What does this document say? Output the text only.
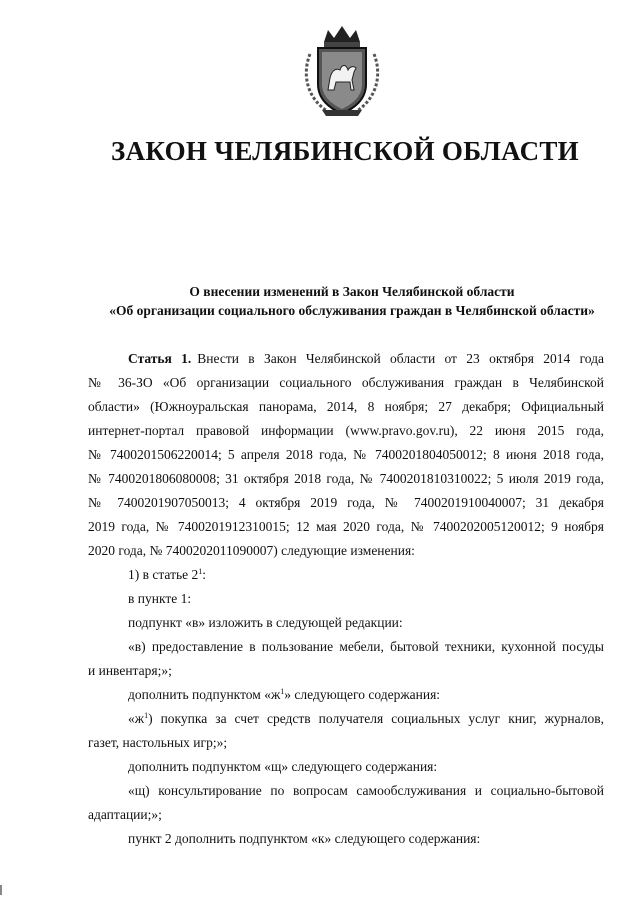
ЗАКОН ЧЕЛЯБИНСКОЙ ОБЛАСТИ
О внесении изменений в Закон Челябинской области
«Об организации социального обслуживания граждан в Челябинской области»
Статья 1. Внести в Закон Челябинской области от 23 октября 2014 года
№ 36-ЗО «Об организации социального обслуживания граждан в Челябинской
области» (Южноуральская панорама, 2014, 8 ноября; 27 декабря; Официальный
интернет-портал правовой информации (www.pravo.gov.ru), 22 июня 2015 года,
№ 7400201506220014; 5 апреля 2018 года, № 7400201804050012; 8 июня 2018 года,
№ 7400201806080008; 31 октября 2018 года, № 7400201810310022; 5 июля 2019 года,
№ 7400201907050013; 4 октября 2019 года, № 7400201910040007; 31 декабря
2019 года, № 7400201912310015; 12 мая 2020 года, № 7400202005120012; 9 ноября
2020 года, № 7400202011090007) следующие изменения:
1) в статье $2^1$:
в пункте 1:
подпункт «в» изложить в следующей редакции:
«в) предоставление в пользование мебели, бытовой техники, кухонной посуды
и инвентаря;»;
дополнить подпунктом «$ж^1$» следующего содержания:
«$ж^1$) покупка за счет средств получателя социальных услуг книг, журналов,
газет, настольных игр;»;
дополнить подпунктом «щ» следующего содержания:
«щ) консультирование по вопросам самообслуживания и социально-бытовой
адаптации;»;
пункт 2 дополнить подпунктом «к» следующего содержания:
